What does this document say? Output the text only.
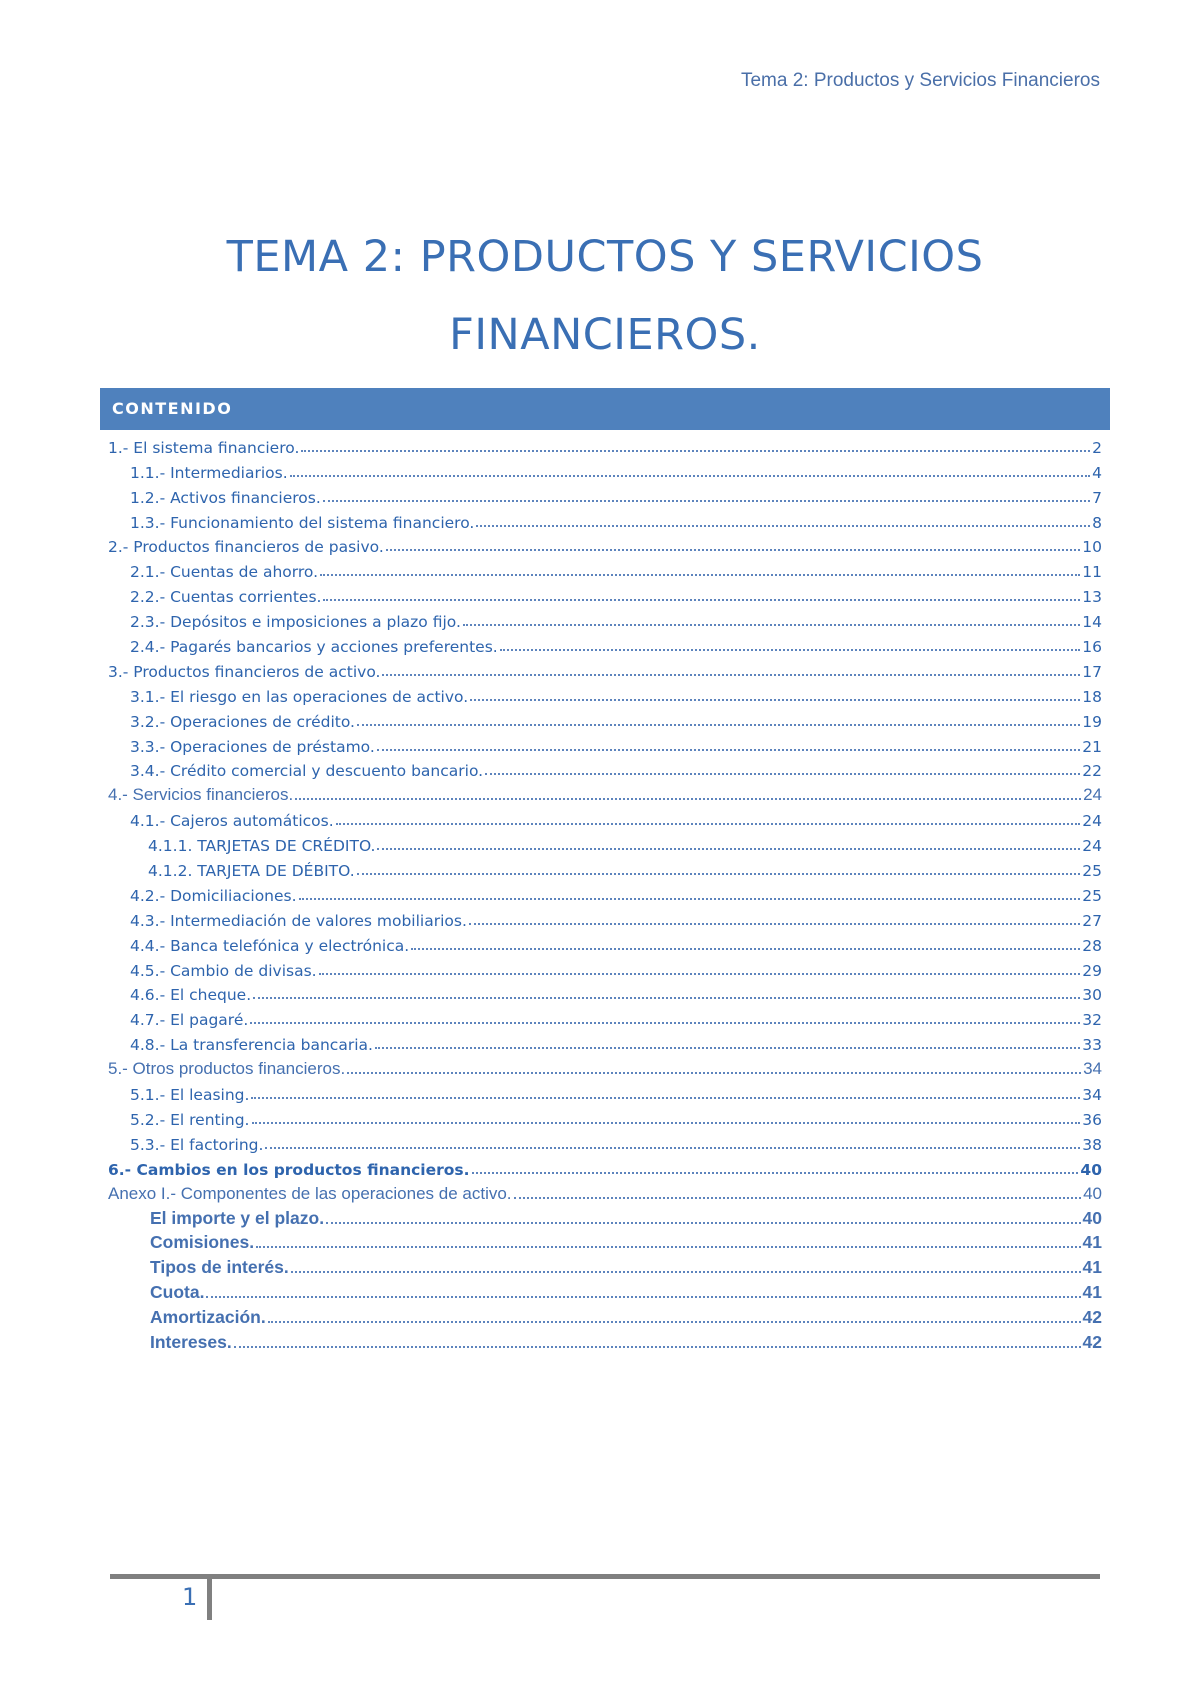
Tema 2: Productos y Servicios Financieros
TEMA 2: PRODUCTOS Y SERVICIOS
FINANCIEROS.
CONTENIDO
1.- El sistema financiero.	2
1.1.- Intermediarios.	4
1.2.- Activos financieros.	7
1.3.- Funcionamiento del sistema financiero.	8
2.- Productos financieros de pasivo.	10
2.1.- Cuentas de ahorro.	11
2.2.- Cuentas corrientes.	13
2.3.- Depósitos e imposiciones a plazo fijo.	14
2.4.- Pagarés bancarios y acciones preferentes.	16
3.- Productos financieros de activo.	17
3.1.- El riesgo en las operaciones de activo.	18
3.2.- Operaciones de crédito.	19
3.3.- Operaciones de préstamo.	21
3.4.- Crédito comercial y descuento bancario.	22
4.- Servicios financieros.	24
4.1.- Cajeros automáticos.	24
4.1.1. TARJETAS DE CRÉDITO.	24
4.1.2. TARJETA DE DÉBITO.	25
4.2.- Domiciliaciones.	25
4.3.- Intermediación de valores mobiliarios.	27
4.4.- Banca telefónica y electrónica.	28
4.5.- Cambio de divisas.	29
4.6.- El cheque.	30
4.7.- El pagaré.	32
4.8.- La transferencia bancaria.	33
5.- Otros productos financieros.	34
5.1.- El leasing.	34
5.2.- El renting.	36
5.3.- El factoring.	38
6.- Cambios en los productos financieros.	40
Anexo I.- Componentes de las operaciones de activo.	40
El importe y el plazo.	40
Comisiones.	41
Tipos de interés.	41
Cuota.	41
Amortización.	42
Intereses.	42
1
